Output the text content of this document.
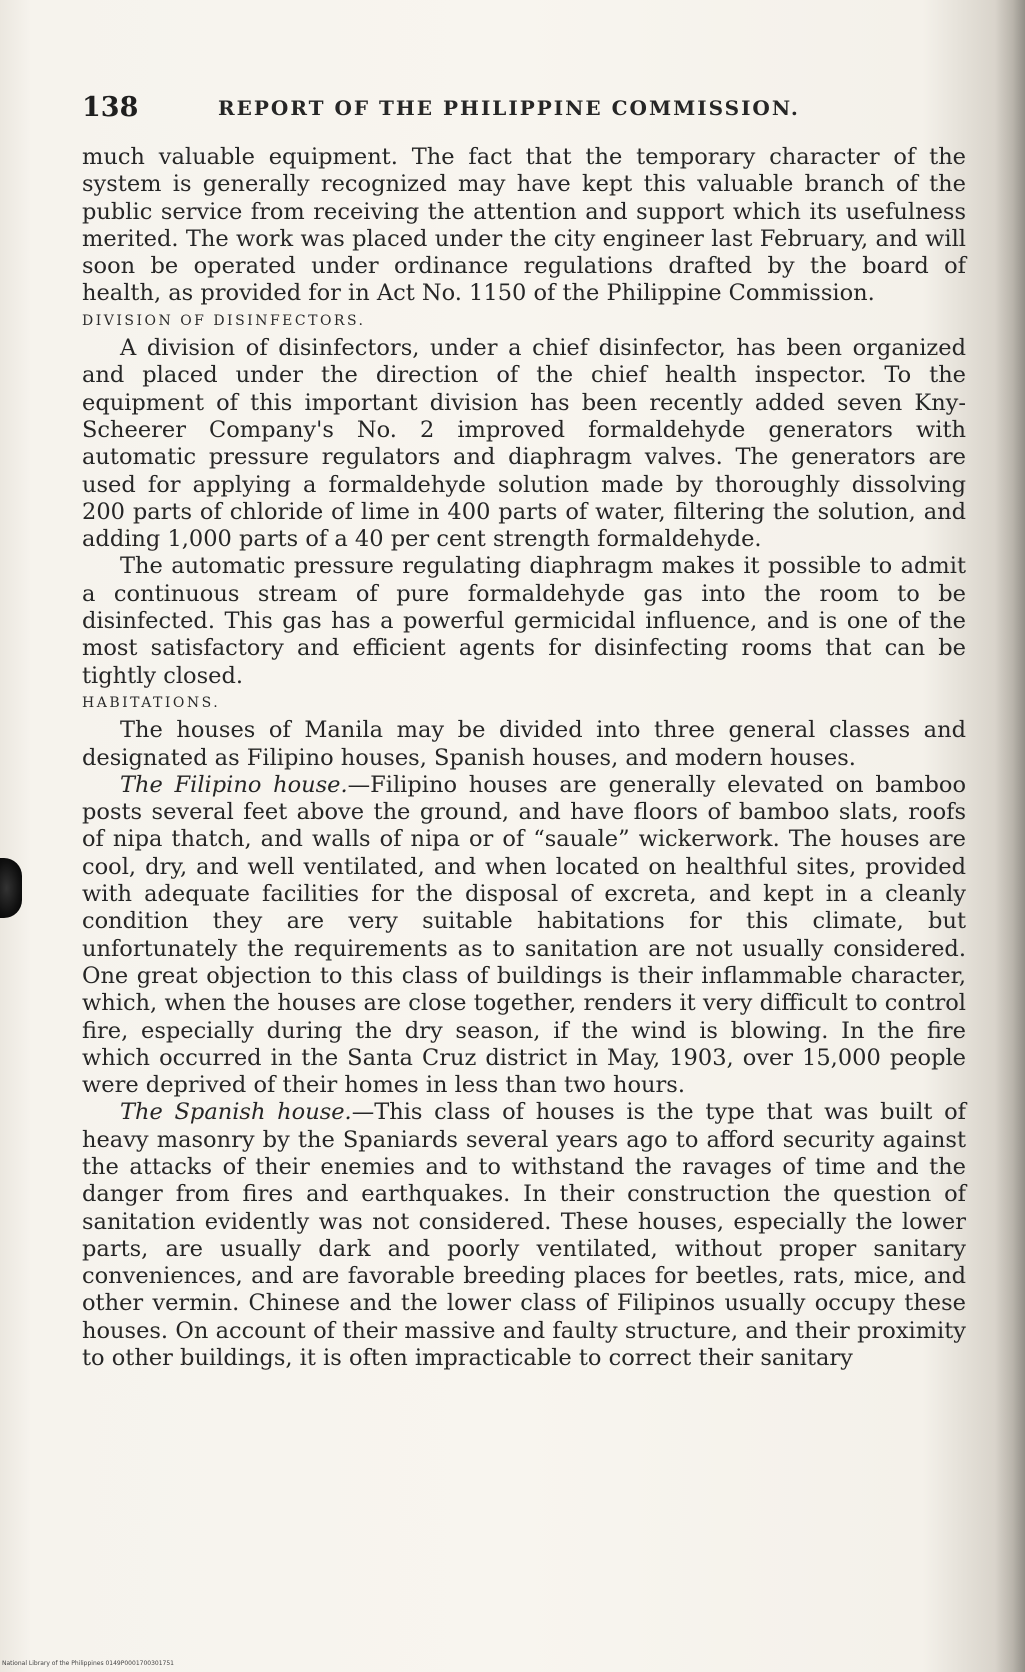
138	REPORT OF THE PHILIPPINE COMMISSION.

much valuable equipment. The fact that the temporary character of the system is generally recognized may have kept this valuable branch of the public service from receiving the attention and support which its usefulness merited. The work was placed under the city engineer last February, and will soon be operated under ordinance regulations drafted by the board of health, as provided for in Act No. 1150 of the Philippine Commission.

DIVISION OF DISINFECTORS.

A division of disinfectors, under a chief disinfector, has been organized and placed under the direction of the chief health inspector. To the equipment of this important division has been recently added seven Kny-Scheerer Company's No. 2 improved formaldehyde generators with automatic pressure regulators and diaphragm valves. The generators are used for applying a formaldehyde solution made by thoroughly dissolving 200 parts of chloride of lime in 400 parts of water, filtering the solution, and adding 1,000 parts of a 40 per cent strength formaldehyde.

The automatic pressure regulating diaphragm makes it possible to admit a continuous stream of pure formaldehyde gas into the room to be disinfected. This gas has a powerful germicidal influence, and is one of the most satisfactory and efficient agents for disinfecting rooms that can be tightly closed.

HABITATIONS.

The houses of Manila may be divided into three general classes and designated as Filipino houses, Spanish houses, and modern houses.

The Filipino house.—Filipino houses are generally elevated on bamboo posts several feet above the ground, and have floors of bamboo slats, roofs of nipa thatch, and walls of nipa or of “sauale” wickerwork. The houses are cool, dry, and well ventilated, and when located on healthful sites, provided with adequate facilities for the disposal of excreta, and kept in a cleanly condition they are very suitable habitations for this climate, but unfortunately the requirements as to sanitation are not usually considered. One great objection to this class of buildings is their inflammable character, which, when the houses are close together, renders it very difficult to control fire, especially during the dry season, if the wind is blowing. In the fire which occurred in the Santa Cruz district in May, 1903, over 15,000 people were deprived of their homes in less than two hours.

The Spanish house.—This class of houses is the type that was built of heavy masonry by the Spaniards several years ago to afford security against the attacks of their enemies and to withstand the ravages of time and the danger from fires and earthquakes. In their construction the question of sanitation evidently was not considered. These houses, especially the lower parts, are usually dark and poorly ventilated, without proper sanitary conveniences, and are favorable breeding places for beetles, rats, mice, and other vermin. Chinese and the lower class of Filipinos usually occupy these houses. On account of their massive and faulty structure, and their proximity to other buildings, it is often impracticable to correct their sanitary

National Library of the Philippines 0149P0001700301751
